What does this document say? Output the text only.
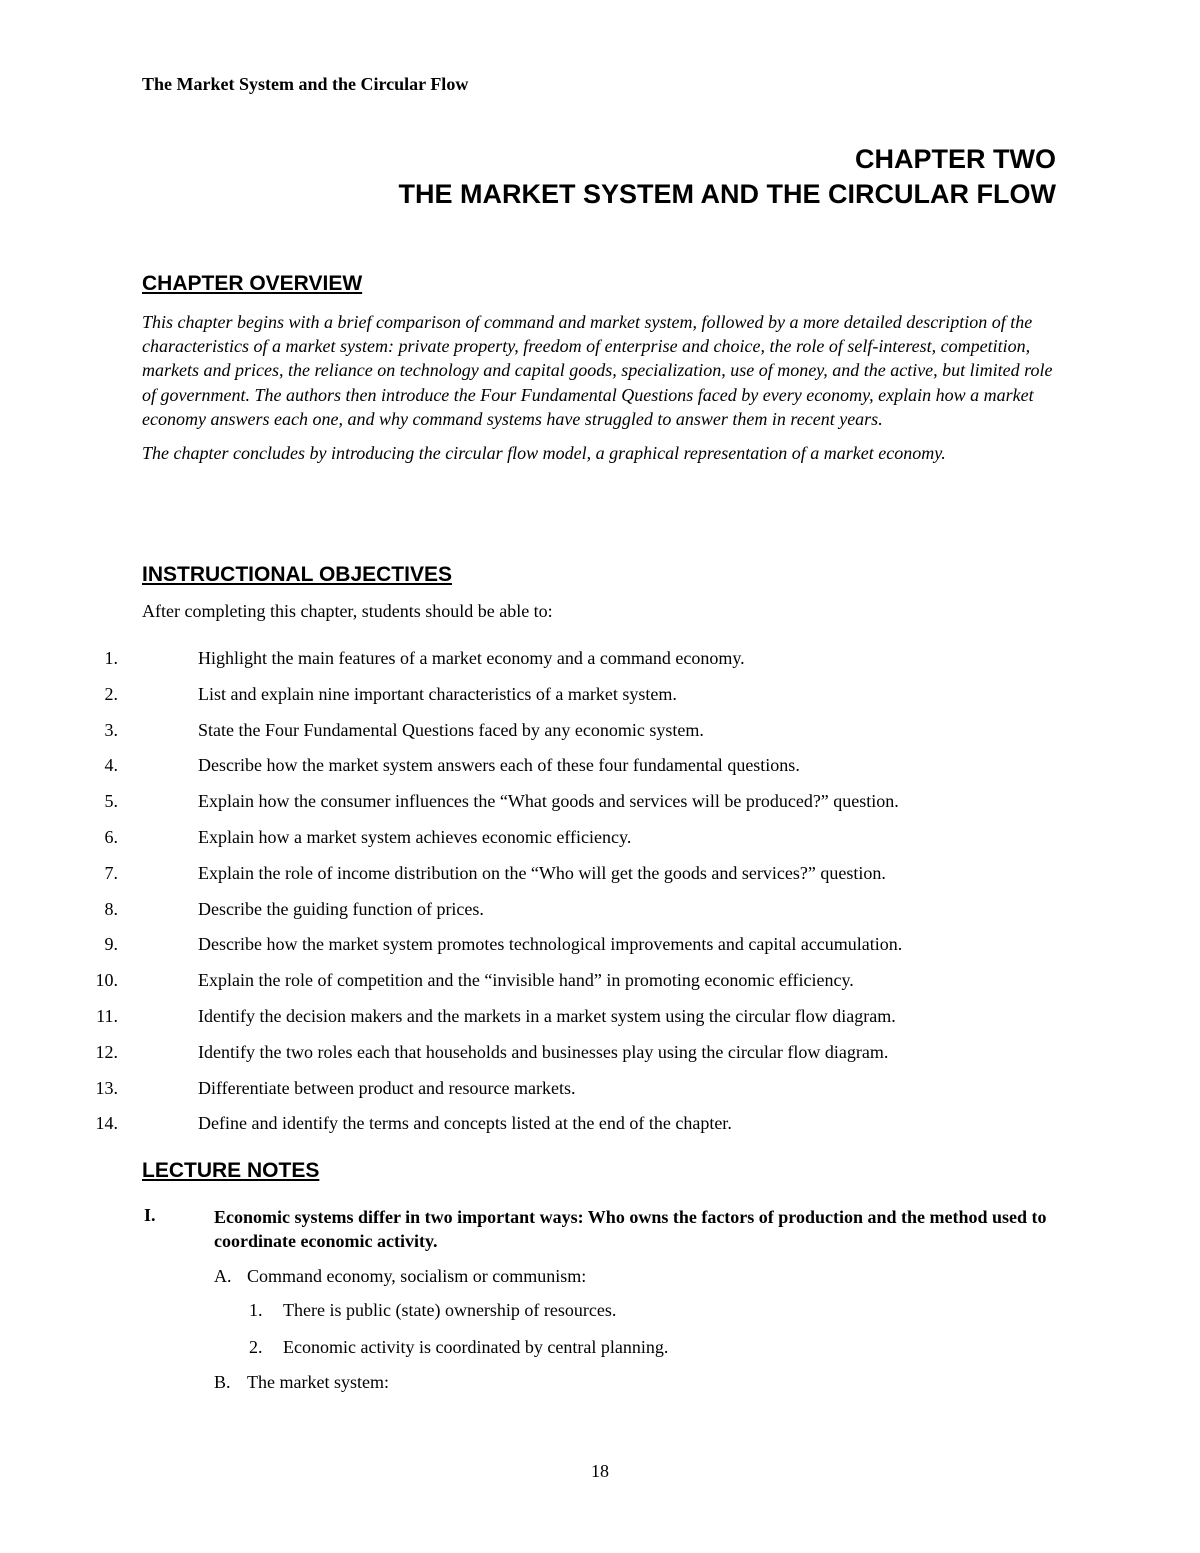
The Market System and the Circular Flow
CHAPTER TWO
THE MARKET SYSTEM AND THE CIRCULAR FLOW
CHAPTER OVERVIEW

This chapter begins with a brief comparison of command and market system, followed by a more detailed description of the characteristics of a market system: private property, freedom of enterprise and choice, the role of self-interest, competition, markets and prices, the reliance on technology and capital goods, specialization, use of money, and the active, but limited role of government. The authors then introduce the Four Fundamental Questions faced by every economy, explain how a market economy answers each one, and why command systems have struggled to answer them in recent years.

The chapter concludes by introducing the circular flow model, a graphical representation of a market economy.

INSTRUCTIONAL OBJECTIVES
After completing this chapter, students should be able to:
1.	Highlight the main features of a market economy and a command economy.
2.	List and explain nine important characteristics of a market system.
3.	State the Four Fundamental Questions faced by any economic system.
4.	Describe how the market system answers each of these four fundamental questions.
5.	Explain how the consumer influences the “What goods and services will be produced?” question.
6.	Explain how a market system achieves economic efficiency.
7.	Explain the role of income distribution on the “Who will get the goods and services?” question.
8.	Describe the guiding function of prices.
9.	Describe how the market system promotes technological improvements and capital accumulation.
10.	Explain the role of competition and the “invisible hand” in promoting economic efficiency.
11.	Identify the decision makers and the markets in a market system using the circular flow diagram.
12.	Identify the two roles each that households and businesses play using the circular flow diagram.
13.	Differentiate between product and resource markets.
14.	Define and identify the terms and concepts listed at the end of the chapter.
LECTURE NOTES
I.	Economic systems differ in two important ways: Who owns the factors of production and the method used to coordinate economic activity.
A. Command economy, socialism or communism:
1. There is public (state) ownership of resources.
2. Economic activity is coordinated by central planning.
B. The market system:
18
